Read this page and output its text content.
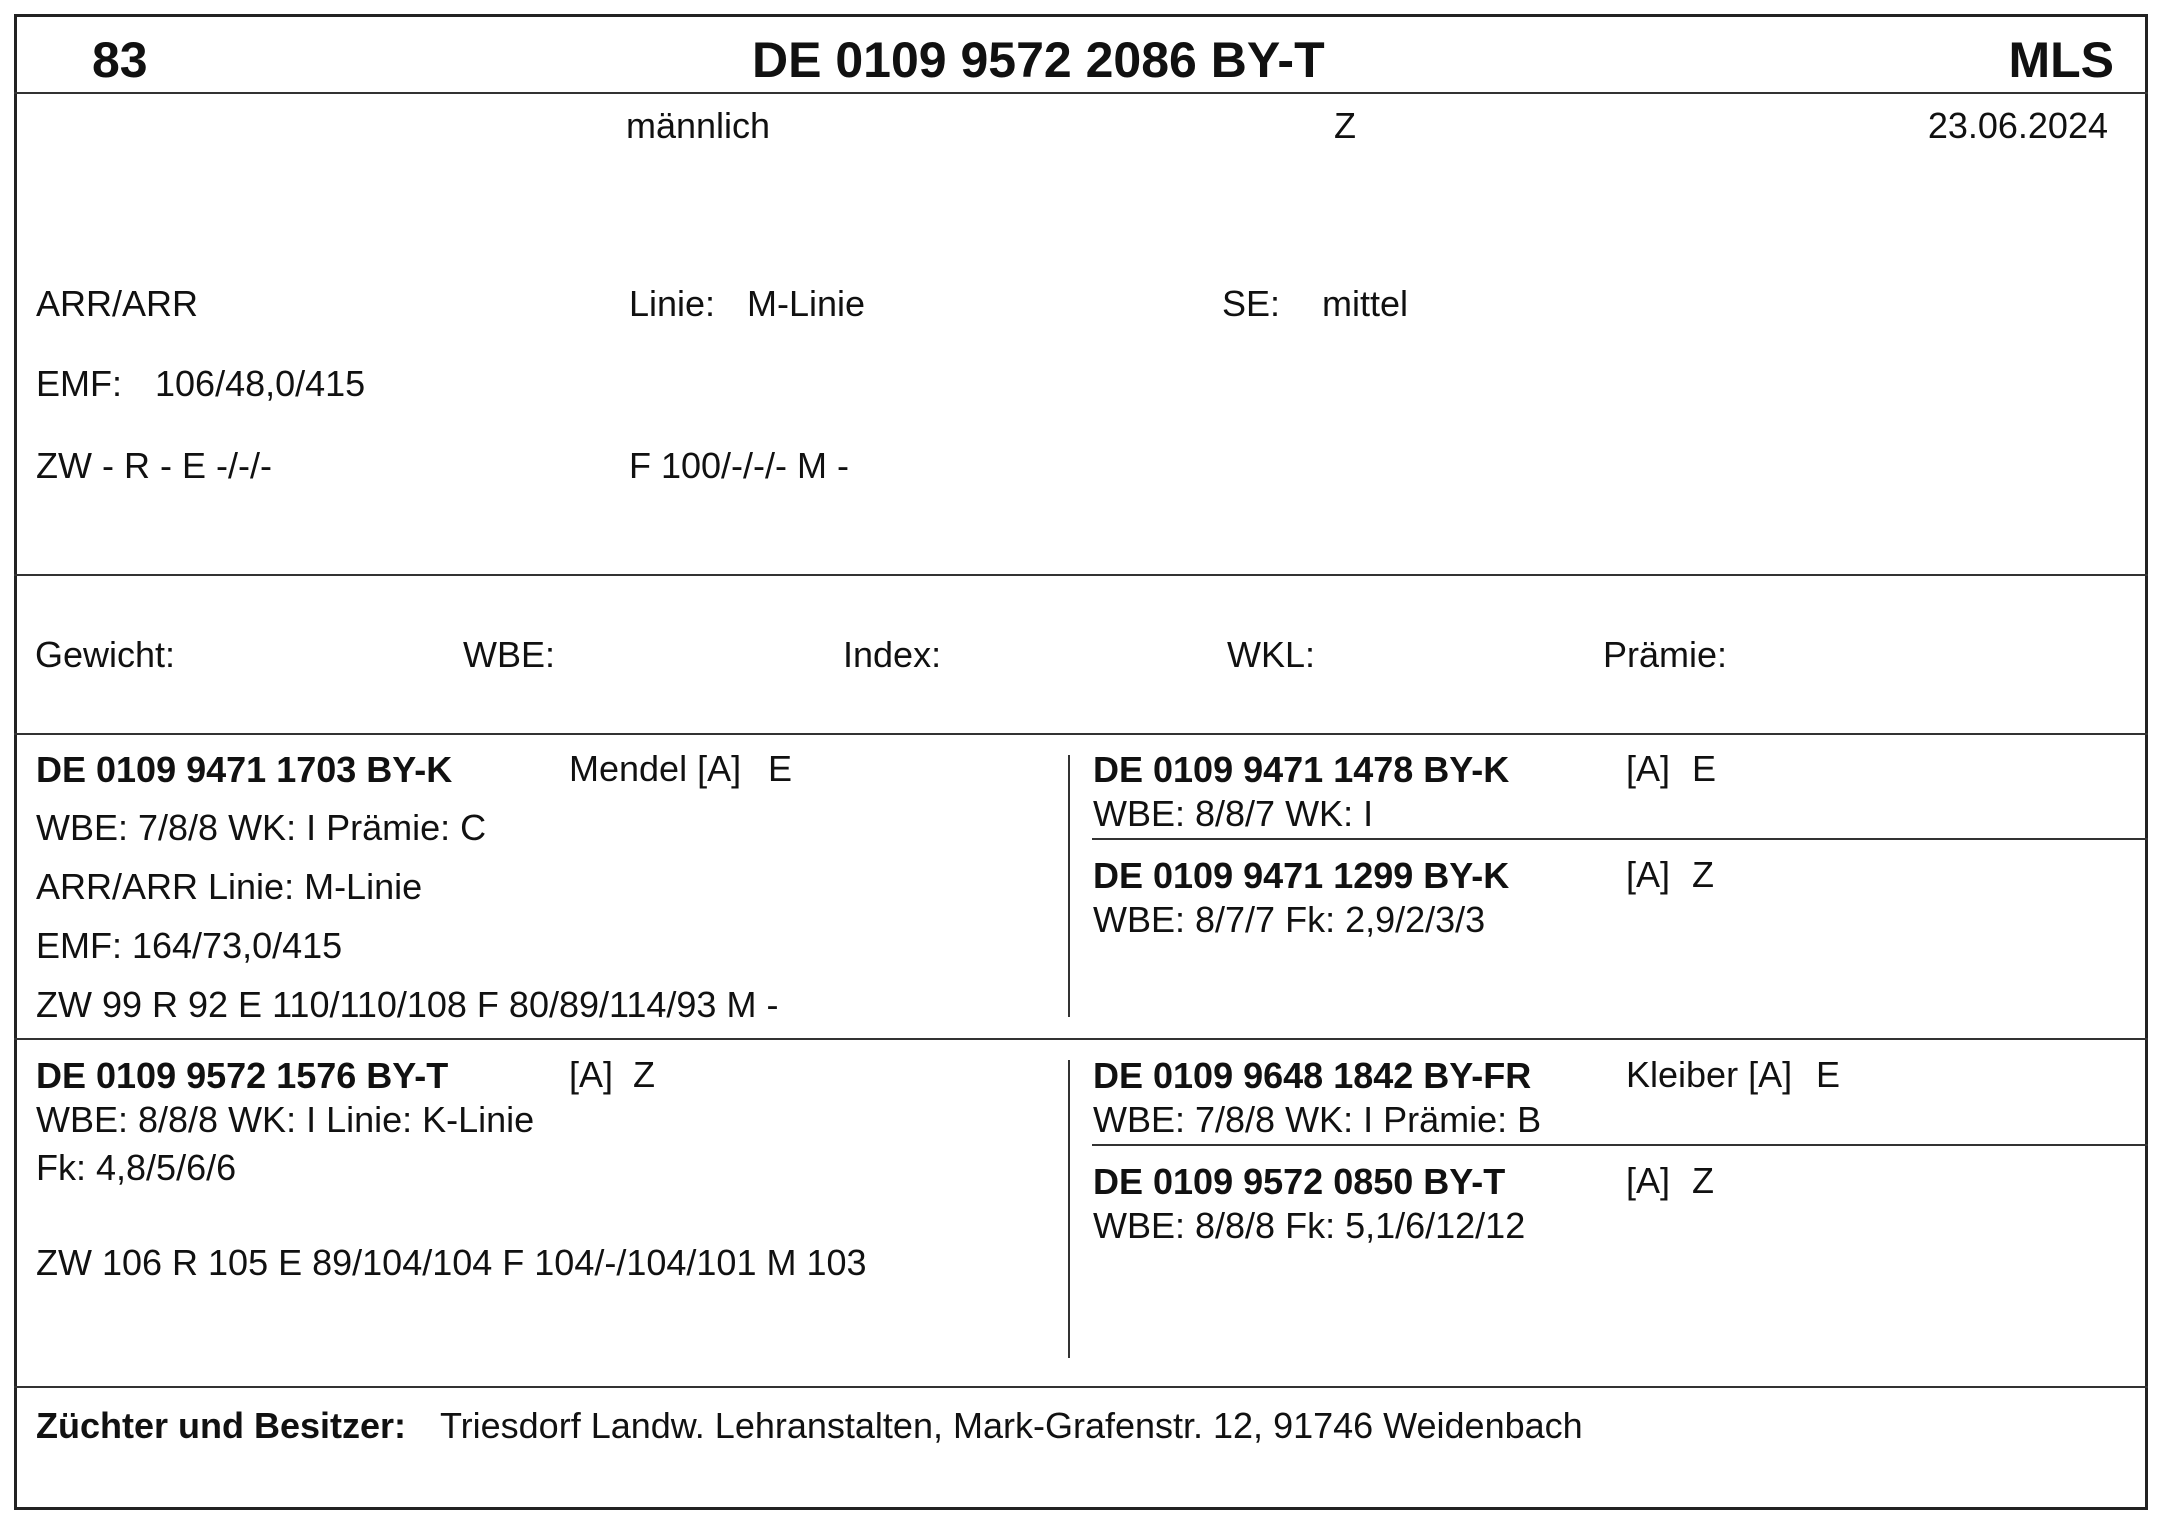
83	DE 0109 9572 2086 BY-T	MLS
männlich	Z	23.06.2024
ARR/ARR	Linie: M-Linie	SE: mittel
EMF: 106/48,0/415
ZW - R - E -/-/-	F 100/-/-/- M -
Gewicht:	WBE:	Index:	WKL:	Prämie:
DE 0109 9471 1703 BY-K	Mendel [A] E
WBE: 7/8/8 WK: I Prämie: C
ARR/ARR Linie: M-Linie
EMF: 164/73,0/415
ZW 99 R 92 E 110/110/108 F 80/89/114/93 M -
DE 0109 9471 1478 BY-K	[A] E
WBE: 8/8/7 WK: I
DE 0109 9471 1299 BY-K	[A] Z
WBE: 8/7/7 Fk: 2,9/2/3/3
DE 0109 9572 1576 BY-T	[A] Z
WBE: 8/8/8 WK: I Linie: K-Linie
Fk: 4,8/5/6/6
ZW 106 R 105 E 89/104/104 F 104/-/104/101 M 103
DE 0109 9648 1842 BY-FR	Kleiber [A] E
WBE: 7/8/8 WK: I Prämie: B
DE 0109 9572 0850 BY-T	[A] Z
WBE: 8/8/8 Fk: 5,1/6/12/12
Züchter und Besitzer: Triesdorf Landw. Lehranstalten, Mark-Grafenstr. 12, 91746 Weidenbach
